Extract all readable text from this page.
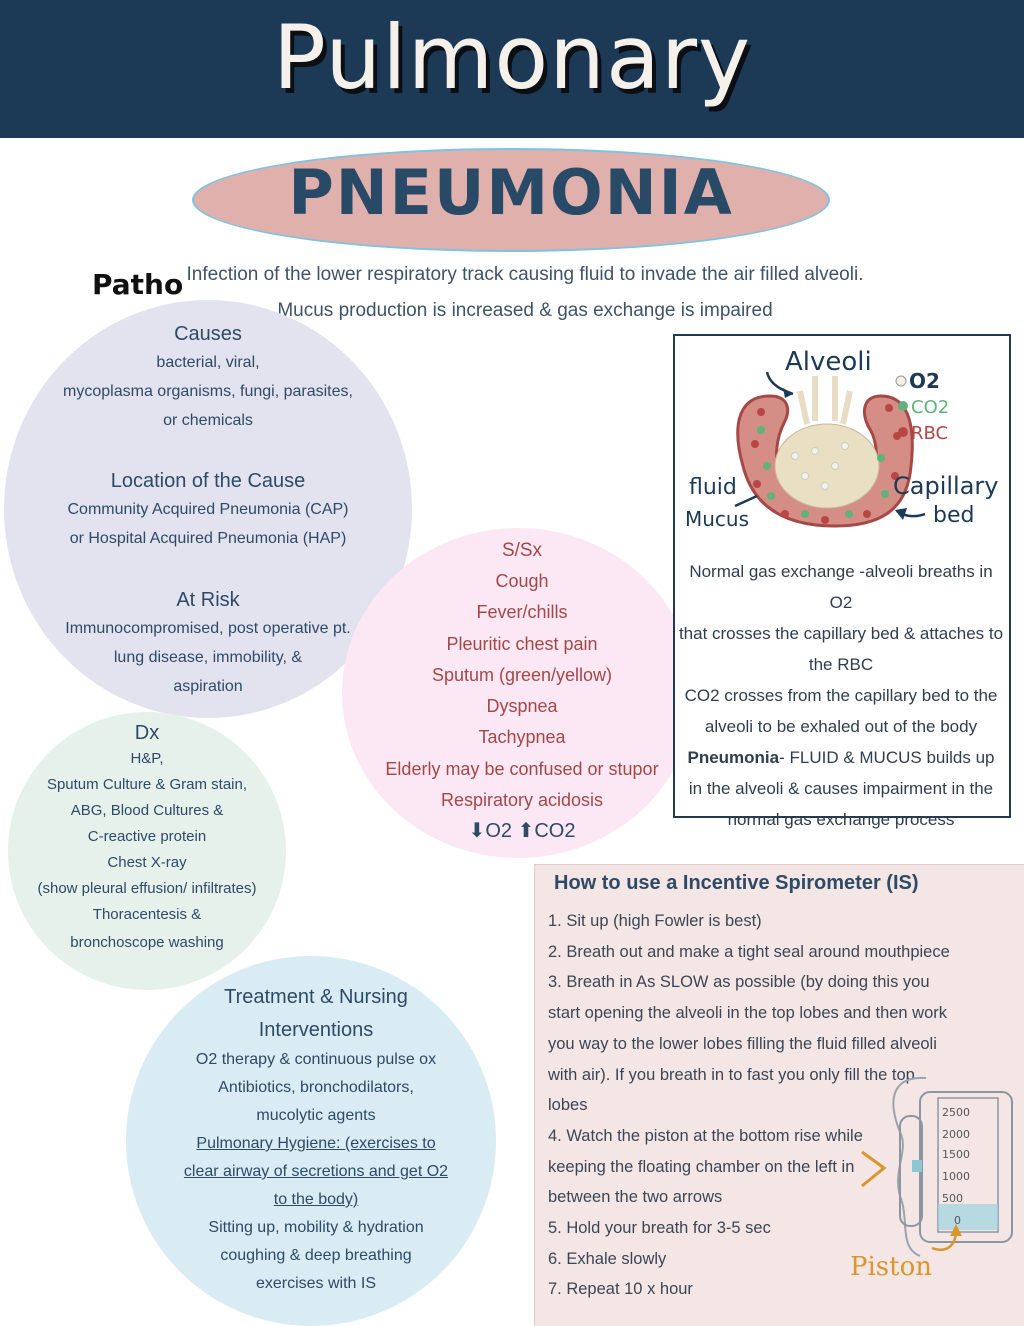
Pulmonary
PNEUMONIA
Patho Infection of the lower respiratory track causing fluid to invade the air filled alveoli.
Mucus production is increased & gas exchange is impaired
Causes
bacterial, viral,
mycoplasma organisms, fungi, parasites,
or chemicals
Location of the Cause
Community Acquired Pneumonia (CAP)
or Hospital Acquired Pneumonia (HAP)
At Risk
Immunocompromised, post operative pt.
lung disease, immobility, &
aspiration
S/Sx
Cough
Fever/chills
Pleuritic chest pain
Sputum (green/yellow)
Dyspnea
Tachypnea
Elderly may be confused or stupor
Respiratory acidosis
⬇O2 ⬆CO2
Dx
H&P,
Sputum Culture & Gram stain,
ABG, Blood Cultures &
C-reactive protein
Chest X-ray
(show pleural effusion/ infiltrates)
Thoracentesis &
bronchoscope washing
Treatment & Nursing
Interventions
O2 therapy & continuous pulse ox
Antibiotics, bronchodilators,
mucolytic agents
Pulmonary Hygiene: (exercises to
clear airway of secretions and get O2
to the body)
Sitting up, mobility & hydration
coughing & deep breathing
exercises with IS
Alveoli
O2
CO2
RBC
fluid
Mucus
Capillary
bed
Normal gas exchange -alveoli breaths in O2
that crosses the capillary bed & attaches to
the RBC
CO2 crosses from the capillary bed to the
alveoli to be exhaled out of the body
Pneumonia- FLUID & MUCUS builds up
in the alveoli & causes impairment in the
normal gas exchange process
How to use a Incentive Spirometer (IS)
1. Sit up (high Fowler is best)
2. Breath out and make a tight seal around mouthpiece
3. Breath in As SLOW as possible (by doing this you
start opening the alveoli in the top lobes and then work
you way to the lower lobes filling the fluid filled alveoli
with air). If you breath in to fast you only fill the top
lobes
4. Watch the piston at the bottom rise while
keeping the floating chamber on the left in
between the two arrows
5. Hold your breath for 3-5 sec
6. Exhale slowly
7. Repeat 10 x hour
2500
2000
1500
1000
500
0
Piston
